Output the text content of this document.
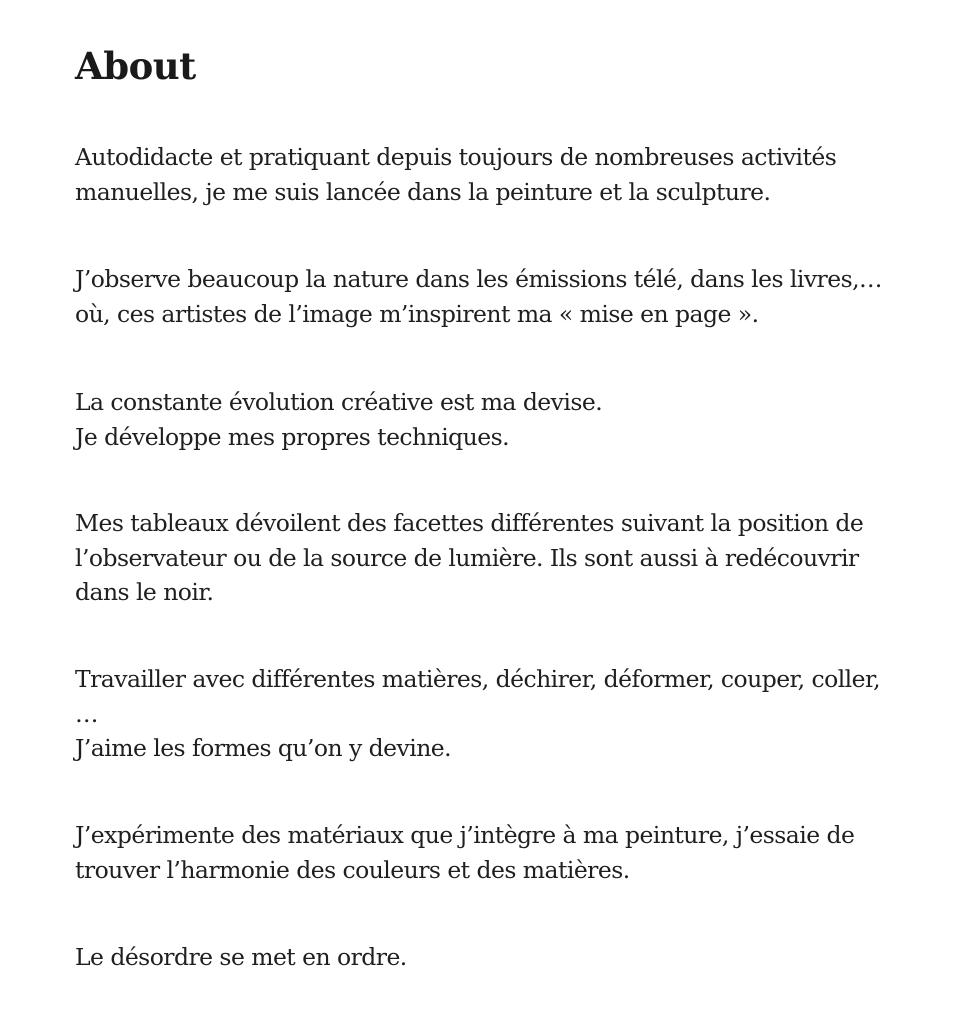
About

Autodidacte et pratiquant depuis toujours de nombreuses activités
manuelles, je me suis lancée dans la peinture et la sculpture.

J’observe beaucoup la nature dans les émissions télé, dans les livres,…
où, ces artistes de l’image m’inspirent ma « mise en page ».

La constante évolution créative est ma devise.
Je développe mes propres techniques.

Mes tableaux dévoilent des facettes différentes suivant la position de
l’observateur ou de la source de lumière. Ils sont aussi à redécouvrir
dans le noir.

Travailler avec différentes matières, déchirer, déformer, couper, coller,
…
J’aime les formes qu’on y devine.

J’expérimente des matériaux que j’intègre à ma peinture, j’essaie de
trouver l’harmonie des couleurs et des matières.

Le désordre se met en ordre.
